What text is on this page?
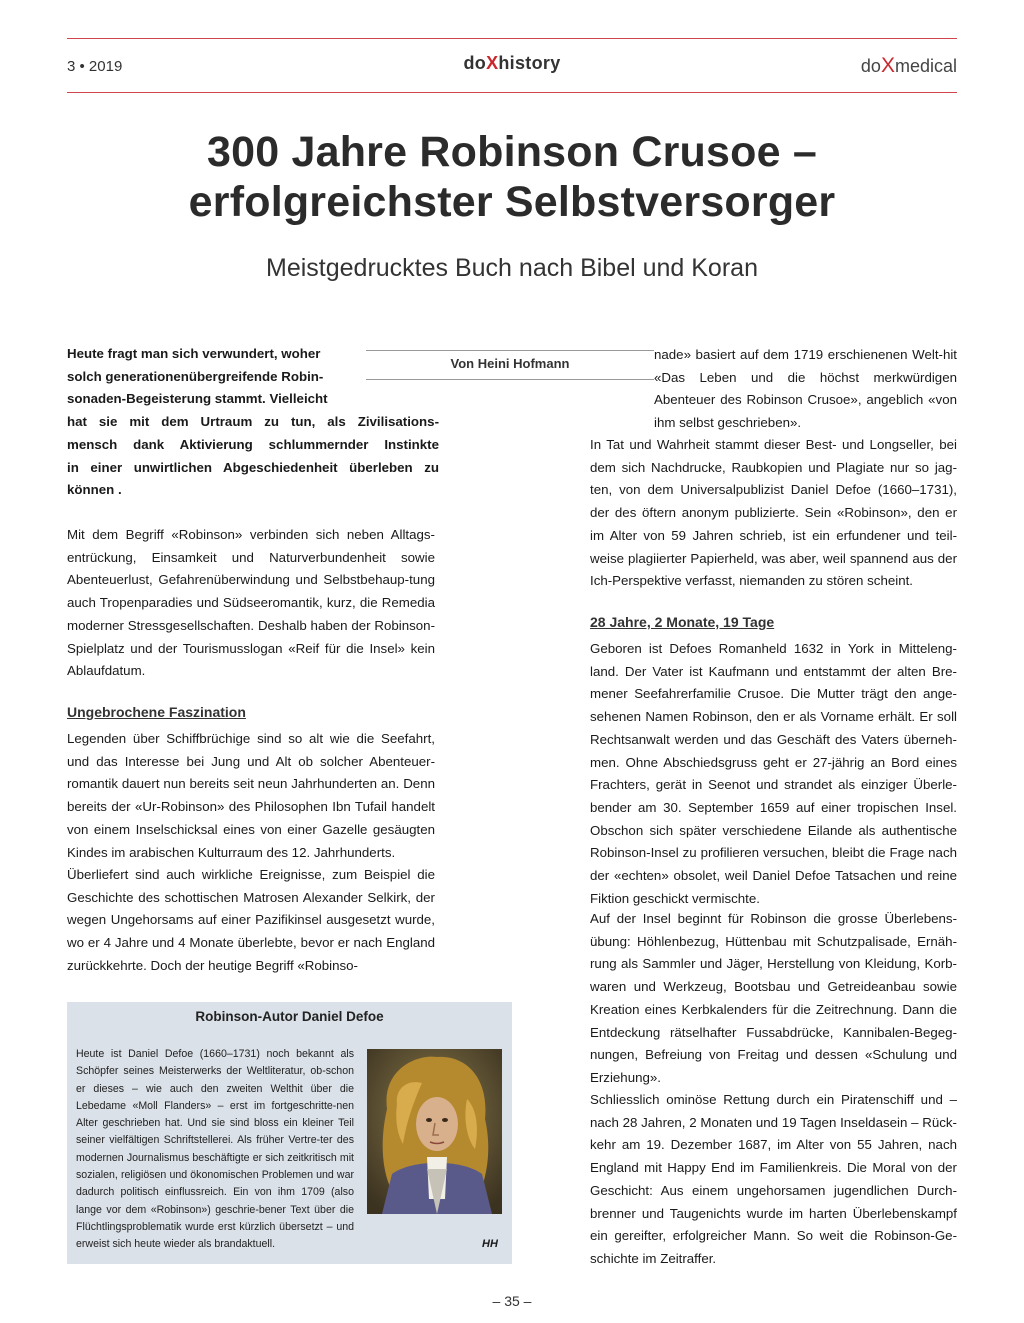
3 • 2019	doXhistory	doXmedical
300 Jahre Robinson Crusoe –
erfolgreichster Selbstversorger
Meistgedrucktes Buch nach Bibel und Koran
Von Heini Hofmann
Heute fragt man sich verwundert, woher
solch generationenübergreifende Robin-
sonaden-Begeisterung stammt. Vielleicht
hat sie mit dem Urtraum zu tun, als Zivilisations-
mensch dank Aktivierung schlummernder Instinkte
in einer unwirtlichen Abgeschiedenheit überleben zu
können .
Mit dem Begriff «Robinson» verbinden sich neben Alltags-entrückung, Einsamkeit und Naturverbundenheit sowie Abenteuerlust, Gefahrenüberwindung und Selbstbehaup-tung auch Tropenparadies und Südseeromantik, kurz, die Remedia moderner Stressgesellschaften. Deshalb haben der Robinson-Spielplatz und der Tourismusslogan «Reif für die Insel» kein Ablaufdatum.
Ungebrochene Faszination
Legenden über Schiffbrüchige sind so alt wie die Seefahrt, und das Interesse bei Jung und Alt ob solcher Abenteuer-romantik dauert nun bereits seit neun Jahrhunderten an. Denn bereits der «Ur-Robinson» des Philosophen Ibn Tufail handelt von einem Inselschicksal eines von einer Gazelle gesäugten Kindes im arabischen Kulturraum des 12. Jahrhunderts.
Überliefert sind auch wirkliche Ereignisse, zum Beispiel die Geschichte des schottischen Matrosen Alexander Selkirk, der wegen Ungehorsams auf einer Pazifikinsel ausgesetzt wurde, wo er 4 Jahre und 4 Monate überlebte, bevor er nach England zurückkehrte. Doch der heutige Begriff «Robinso-
Robinson-Autor Daniel Defoe
Heute ist Daniel Defoe (1660–1731) noch bekannt als Schöpfer seines Meisterwerks der Weltliteratur, ob-schon er dieses – wie auch den zweiten Welthit über die Lebedame «Moll Flanders» – erst im fortgeschritte-nen Alter geschrieben hat. Und sie sind bloss ein kleiner Teil seiner vielfältigen Schriftstellerei. Als früher Vertre-ter des modernen Journalismus beschäftigte er sich zeitkritisch mit sozialen, religiösen und ökonomischen Problemen und war dadurch politisch einflussreich. Ein von ihm 1709 (also lange vor dem «Robinson») geschrie-bener Text über die Flüchtlingsproblematik wurde erst kürzlich übersetzt – und erweist sich heute wieder als brandaktuell.	HH
nade» basiert auf dem 1719 erschienenen Welt-hit «Das Leben und die höchst merkwürdigen Abenteuer des Robinson Crusoe», angeblich «von ihm selbst geschrieben».
In Tat und Wahrheit stammt dieser Best- und Longseller, bei dem sich Nachdrucke, Raubkopien und Plagiate nur so jag-ten, von dem Universalpublizist Daniel Defoe (1660–1731), der des öftern anonym publizierte. Sein «Robinson», den er im Alter von 59 Jahren schrieb, ist ein erfundener und teil-weise plagiierter Papierheld, was aber, weil spannend aus der Ich-Perspektive verfasst, niemanden zu stören scheint.
28 Jahre, 2 Monate, 19 Tage
Geboren ist Defoes Romanheld 1632 in York in Mitteleng-land. Der Vater ist Kaufmann und entstammt der alten Bre-mener Seefahrerfamilie Crusoe. Die Mutter trägt den ange-sehenen Namen Robinson, den er als Vorname erhält. Er soll Rechtsanwalt werden und das Geschäft des Vaters überneh-men. Ohne Abschiedsgruss geht er 27-jährig an Bord eines Frachters, gerät in Seenot und strandet als einziger Überle-bender am 30. September 1659 auf einer tropischen Insel. Obschon sich später verschiedene Eilande als authentische Robinson-Insel zu profilieren versuchen, bleibt die Frage nach der «echten» obsolet, weil Daniel Defoe Tatsachen und reine Fiktion geschickt vermischte.
Auf der Insel beginnt für Robinson die grosse Überlebens-übung: Höhlenbezug, Hüttenbau mit Schutzpalisade, Ernäh-rung als Sammler und Jäger, Herstellung von Kleidung, Korb-waren und Werkzeug, Bootsbau und Getreideanbau sowie Kreation eines Kerbkalenders für die Zeitrechnung. Dann die Entdeckung rätselhafter Fussabdrücke, Kannibalen-Begeg-nungen, Befreiung von Freitag und dessen «Schulung und Erziehung».
Schliesslich ominöse Rettung durch ein Piratenschiff und – nach 28 Jahren, 2 Monaten und 19 Tagen Inseldasein – Rück-kehr am 19. Dezember 1687, im Alter von 55 Jahren, nach England mit Happy End im Familienkreis. Die Moral von der Geschicht: Aus einem ungehorsamen jugendlichen Durch-brenner und Taugenichts wurde im harten Überlebenskampf ein gereifter, erfolgreicher Mann. So weit die Robinson-Ge-schichte im Zeitraffer.
– 35 –
